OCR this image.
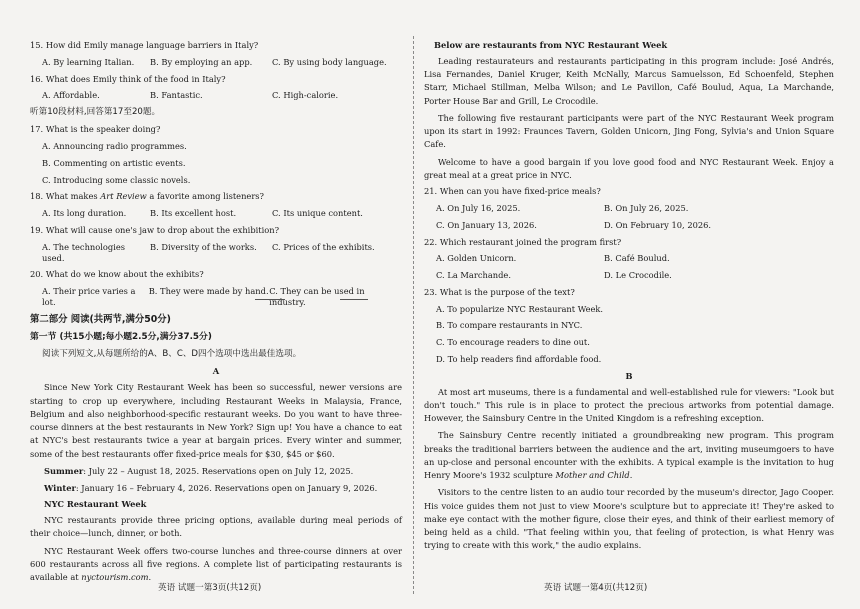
15. How did Emily manage language barriers in Italy?
A. By learning Italian.	B. By employing an app.	C. By using body language.
16. What does Emily think of the food in Italy?
A. Affordable.	B. Fantastic.	C. High-calorie.
听第10段材料,回答第17至20题。
17. What is the speaker doing?
A. Announcing radio programmes.
B. Commenting on artistic events.
C. Introducing some classic novels.
18. What makes Art Review a favorite among listeners?
A. Its long duration.	B. Its excellent host.	C. Its unique content.
19. What will cause one's jaw to drop about the exhibition?
A. The technologies used.
B. Diversity of the works.	C. Prices of the exhibits.
20. What do we know about the exhibits?
A. Their price varies a lot.
B. They were made by hand. C. They can be used in industry.
第二部分 阅读(共两节,满分50分)
第一节 (共15小题;每小题2.5分,满分37.5分)
阅读下列短文,从每题所给的A、B、C、D四个选项中选出最佳选项。
A
Since New York City Restaurant Week has been so successful, newer versions are starting to crop up everywhere, including Restaurant Weeks in Malaysia, France, Belgium and also neighborhood-specific restaurant weeks. Do you want to have three-course dinners at the best restaurants in New York? Sign up! You have a chance to eat at NYC's best restaurants twice a year at bargain prices. Every winter and summer, some of the best restaurants offer fixed-price meals for $30, $45 or $60.
Summer: July 22 – August 18, 2025. Reservations open on July 12, 2025.
Winter: January 16 – February 4, 2026. Reservations open on January 9, 2026.
NYC Restaurant Week
NYC restaurants provide three pricing options, available during meal periods of their choice—lunch, dinner, or both.
NYC Restaurant Week offers two-course lunches and three-course dinners at over 600 restaurants across all five regions. A complete list of participating restaurants is available at nyctourism.com.
Below are restaurants from NYC Restaurant Week
Leading restaurateurs and restaurants participating in this program include: José Andrés, Lisa Fernandes, Daniel Kruger, Keith McNally, Marcus Samuelsson, Ed Schoenfeld, Stephen Starr, Michael Stillman, Melba Wilson; and Le Pavillon, Café Boulud, Aqua, La Marchande, Porter House Bar and Grill, Le Crocodile.
The following five restaurant participants were part of the NYC Restaurant Week program upon its start in 1992: Fraunces Tavern, Golden Unicorn, Jing Fong, Sylvia's and Union Square Cafe.
Welcome to have a good bargain if you love good food and NYC Restaurant Week. Enjoy a great meal at a great price in NYC.
21. When can you have fixed-price meals?
A. On July 16, 2025.	B. On July 26, 2025.
C. On January 13, 2026.	D. On February 10, 2026.
22. Which restaurant joined the program first?
A. Golden Unicorn.	B. Café Boulud.
C. La Marchande.	D. Le Crocodile.
23. What is the purpose of the text?
A. To popularize NYC Restaurant Week.
B. To compare restaurants in NYC.
C. To encourage readers to dine out.
D. To help readers find affordable food.
B
At most art museums, there is a fundamental and well-established rule for viewers: "Look but don't touch." This rule is in place to protect the precious artworks from potential damage. However, the Sainsbury Centre in the United Kingdom is a refreshing exception.
The Sainsbury Centre recently initiated a groundbreaking new program. This program breaks the traditional barriers between the audience and the art, inviting museumgoers to have an up-close and personal encounter with the exhibits. A typical example is the invitation to hug Henry Moore's 1932 sculpture Mother and Child.
Visitors to the centre listen to an audio tour recorded by the museum's director, Jago Cooper. His voice guides them not just to view Moore's sculpture but to appreciate it! They're asked to make eye contact with the mother figure, close their eyes, and think of their earliest memory of being held as a child. "That feeling within you, that feeling of protection, is what Henry was trying to create with this work," the audio explains.
英语 试题一第3页(共12页)	英语 试题一第4页(共12页)
